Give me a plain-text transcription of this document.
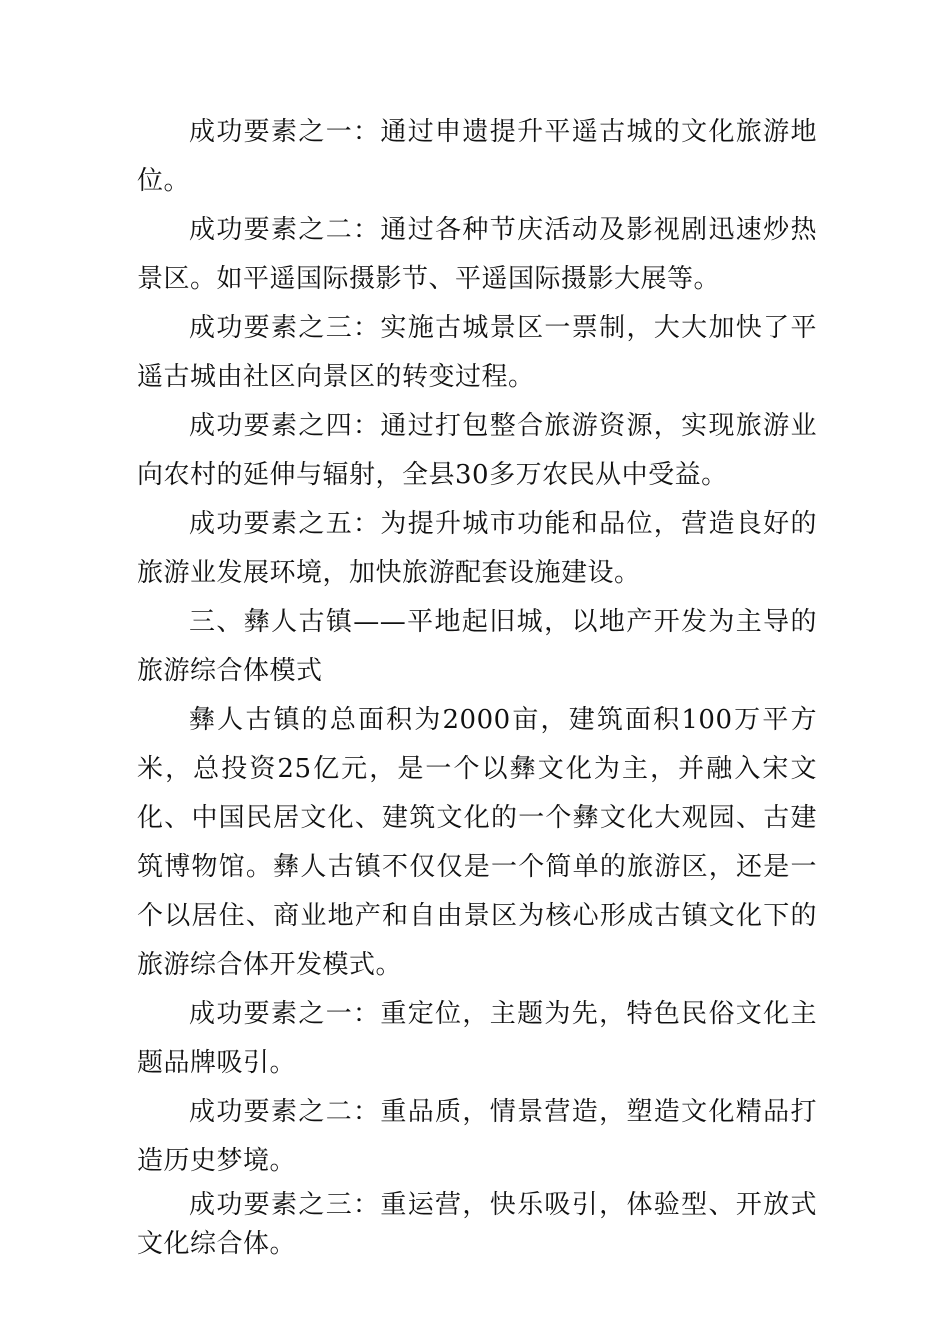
成功要素之一：通过申遗提升平遥古城的文化旅游地位。

成功要素之二：通过各种节庆活动及影视剧迅速炒热景区。如平遥国际摄影节、平遥国际摄影大展等。

成功要素之三：实施古城景区一票制，大大加快了平遥古城由社区向景区的转变过程。

成功要素之四：通过打包整合旅游资源，实现旅游业向农村的延伸与辐射，全县30多万农民从中受益。

成功要素之五：为提升城市功能和品位，营造良好的旅游业发展环境，加快旅游配套设施建设。

三、彝人古镇——平地起旧城，以地产开发为主导的旅游综合体模式

彝人古镇的总面积为2000亩，建筑面积100万平方米，总投资25亿元，是一个以彝文化为主，并融入宋文化、中国民居文化、建筑文化的一个彝文化大观园、古建筑博物馆。彝人古镇不仅仅是一个简单的旅游区，还是一个以居住、商业地产和自由景区为核心形成古镇文化下的旅游综合体开发模式。

成功要素之一：重定位，主题为先，特色民俗文化主题品牌吸引。

成功要素之二：重品质，情景营造，塑造文化精品打造历史梦境。

成功要素之三：重运营，快乐吸引，体验型、开放式文化综合体。
